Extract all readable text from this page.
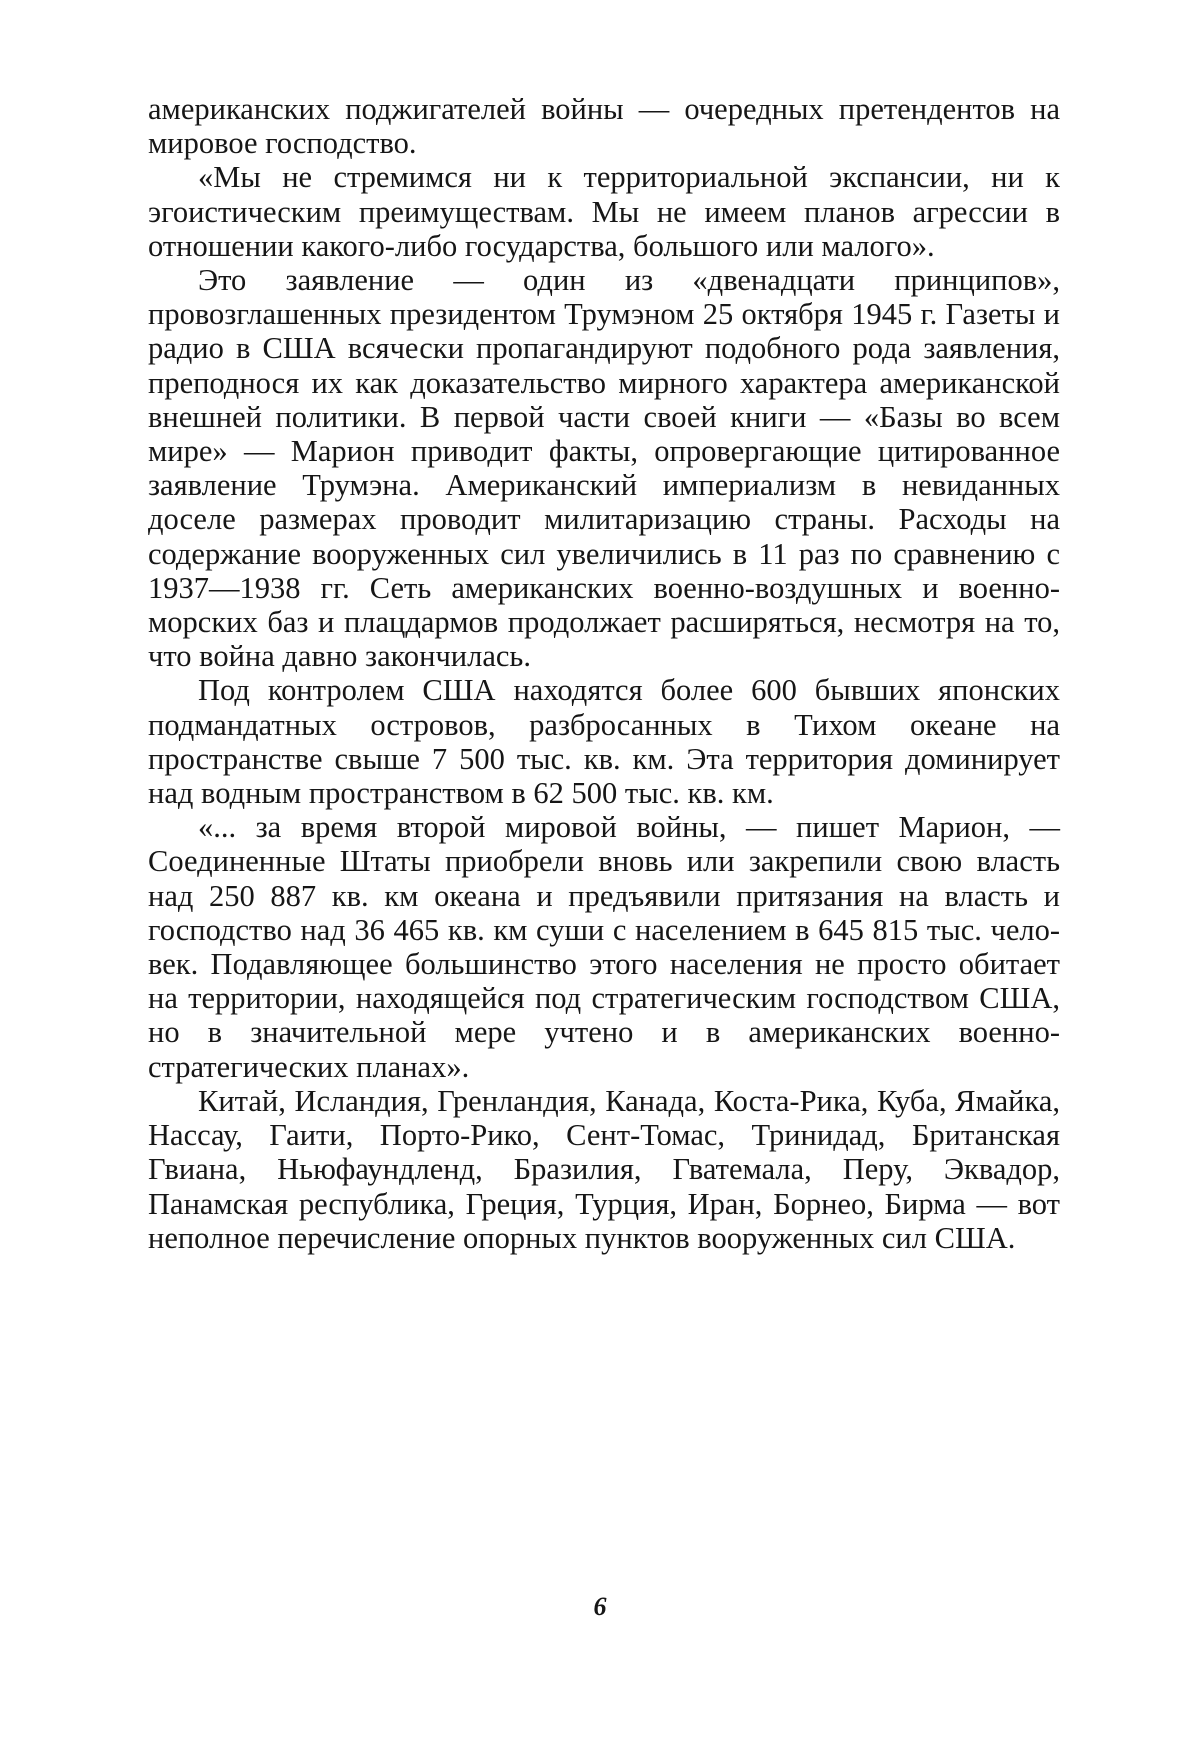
американских поджигателей войны — очередных претендентов на мировое господство.

«Мы не стремимся ни к территориальной экспансии, ни к эгоистическим преимуществам. Мы не имеем планов агрессии в отношении какого-либо государства, большого или малого».

Это заявление — один из «двенадцати принципов», провозглашенных президентом Трумэном 25 октября 1945 г. Газеты и радио в США всячески пропагандируют подобного рода заявления, преподнося их как доказательство мирного характера американской внешней политики. В первой части своей книги — «Базы во всем мире» — Марион приводит факты, опровергающие цитированное заявление Трумэна. Американский империализм в невиданных доселе размерах проводит милитаризацию страны. Расходы на содержание вооруженных сил увеличились в 11 раз по сравнению с 1937—1938 гг. Сеть американских военно-воздушных и военно-морских баз и плацдармов продолжает расширяться, несмотря на то, что война давно закончилась.

Под контролем США находятся более 600 бывших японских подмандатных островов, разбросанных в Тихом океане на пространстве свыше 7 500 тыс. кв. км. Эта территория доминирует над водным пространством в 62 500 тыс. кв. км.

«... за время второй мировой войны, — пишет Марион, — Соединенные Штаты приобрели вновь или закрепили свою власть над 250 887 кв. км океана и предъявили притязания на власть и господство над 36 465 кв. км суши с населением в 645 815 тыс. человек. Подавляющее большинство этого населения не просто обитает на территории, находящейся под стратегическим господством США, но в значительной мере учтено и в американских военно-стратегических планах».

Китай, Исландия, Гренландия, Канада, Коста-Рика, Куба, Ямайка, Нассау, Гаити, Порто-Рико, Сент-Томас, Тринидад, Британская Гвиана, Ньюфаундленд, Бразилия, Гватемала, Перу, Эквадор, Панамская республика, Греция, Турция, Иран, Борнео, Бирма — вот неполное перечисление опорных пунктов вооруженных сил США.

6
